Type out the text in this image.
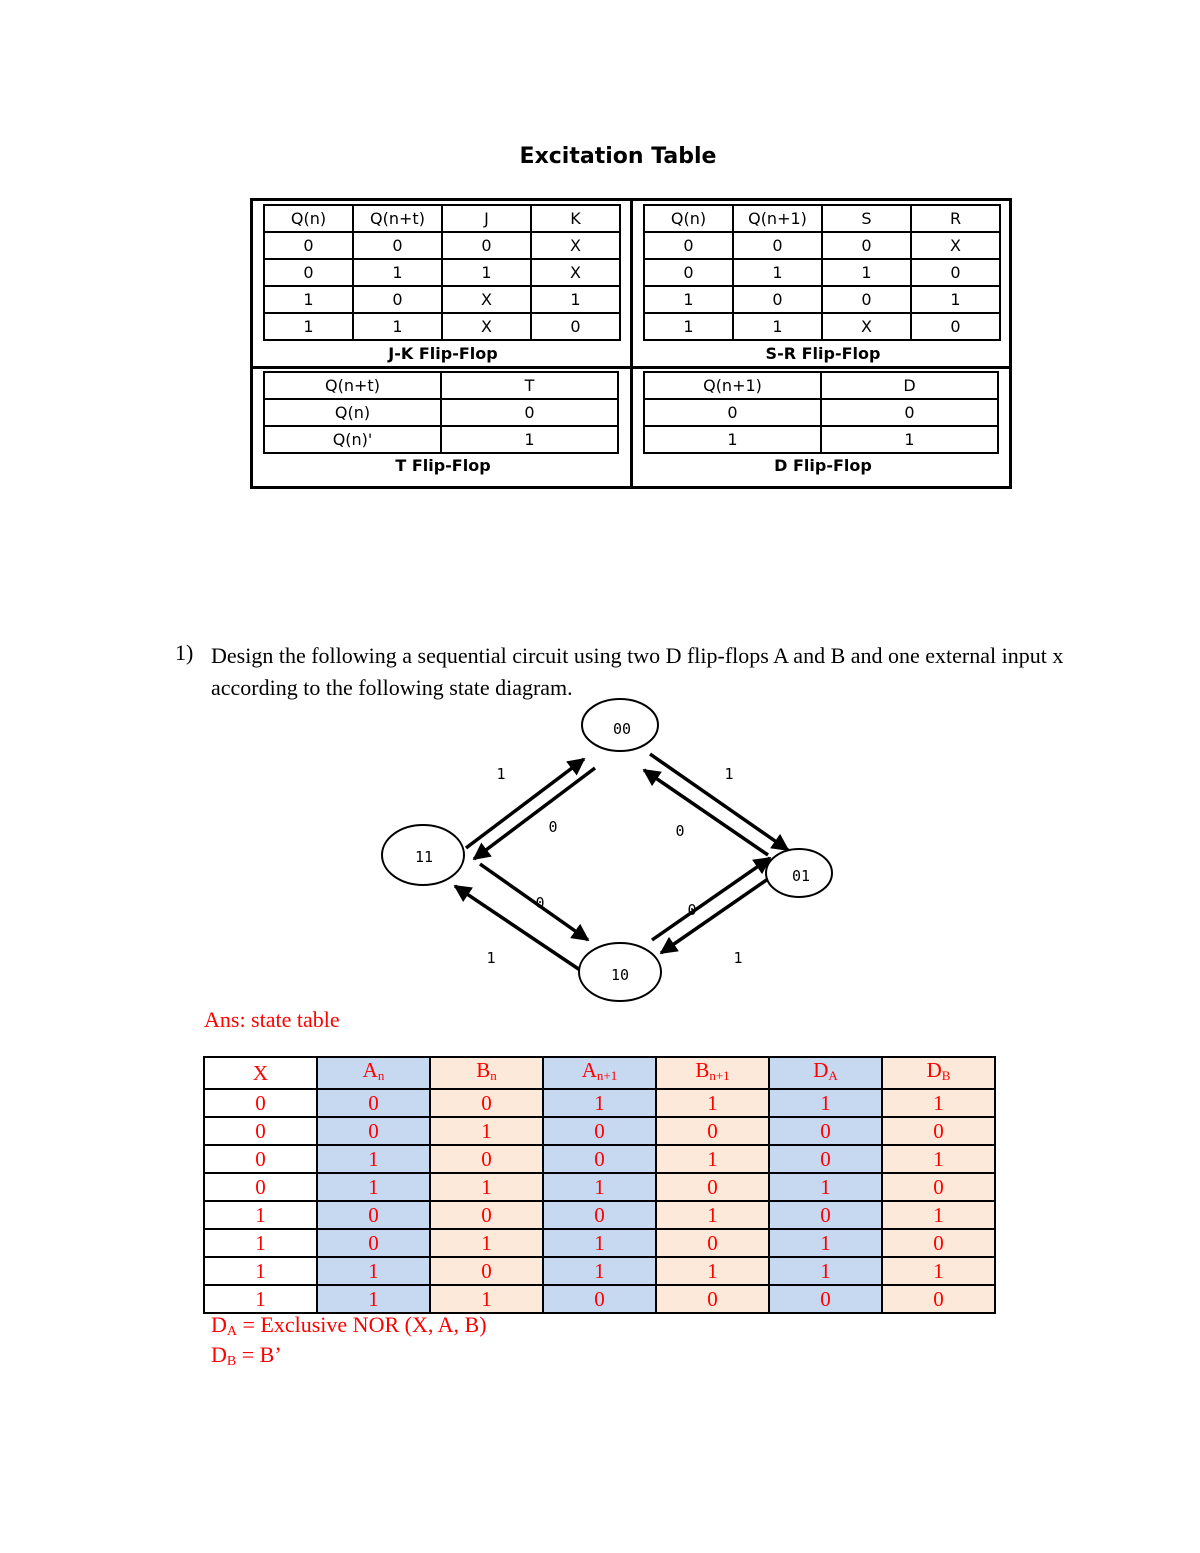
Excitation Table
Q(n)	Q(n+t)	J	K
0	0	0	X
0	1	1	X
1	0	X	1
1	1	X	0
J-K Flip-Flop
Q(n)	Q(n+1)	S	R
0	0	0	X
0	1	1	0
1	0	0	1
1	1	X	0
S-R Flip-Flop
Q(n+t)	T
Q(n)	0
Q(n)'	1
T Flip-Flop
Q(n+1)	D
0	0
1	1
D Flip-Flop
1) Design the following a sequential circuit using two D flip-flops A and B and one external input x according to the following state diagram.
00
11
01
10
1
0
1
0
0
1
0
1
Ans: state table
X	$A_n$	$B_n$	$A_{n+1}$	$B_{n+1}$	$D_A$	$D_B$
0	0	0	1	1	1	1
0	0	1	0	0	0	0
0	1	0	0	1	0	1
0	1	1	1	0	1	0
1	0	0	0	1	0	1
1	0	1	1	0	1	0
1	1	0	1	1	1	1
1	1	1	0	0	0	0
$D_A$ = Exclusive NOR (X, A, B)
$D_B = B$’
